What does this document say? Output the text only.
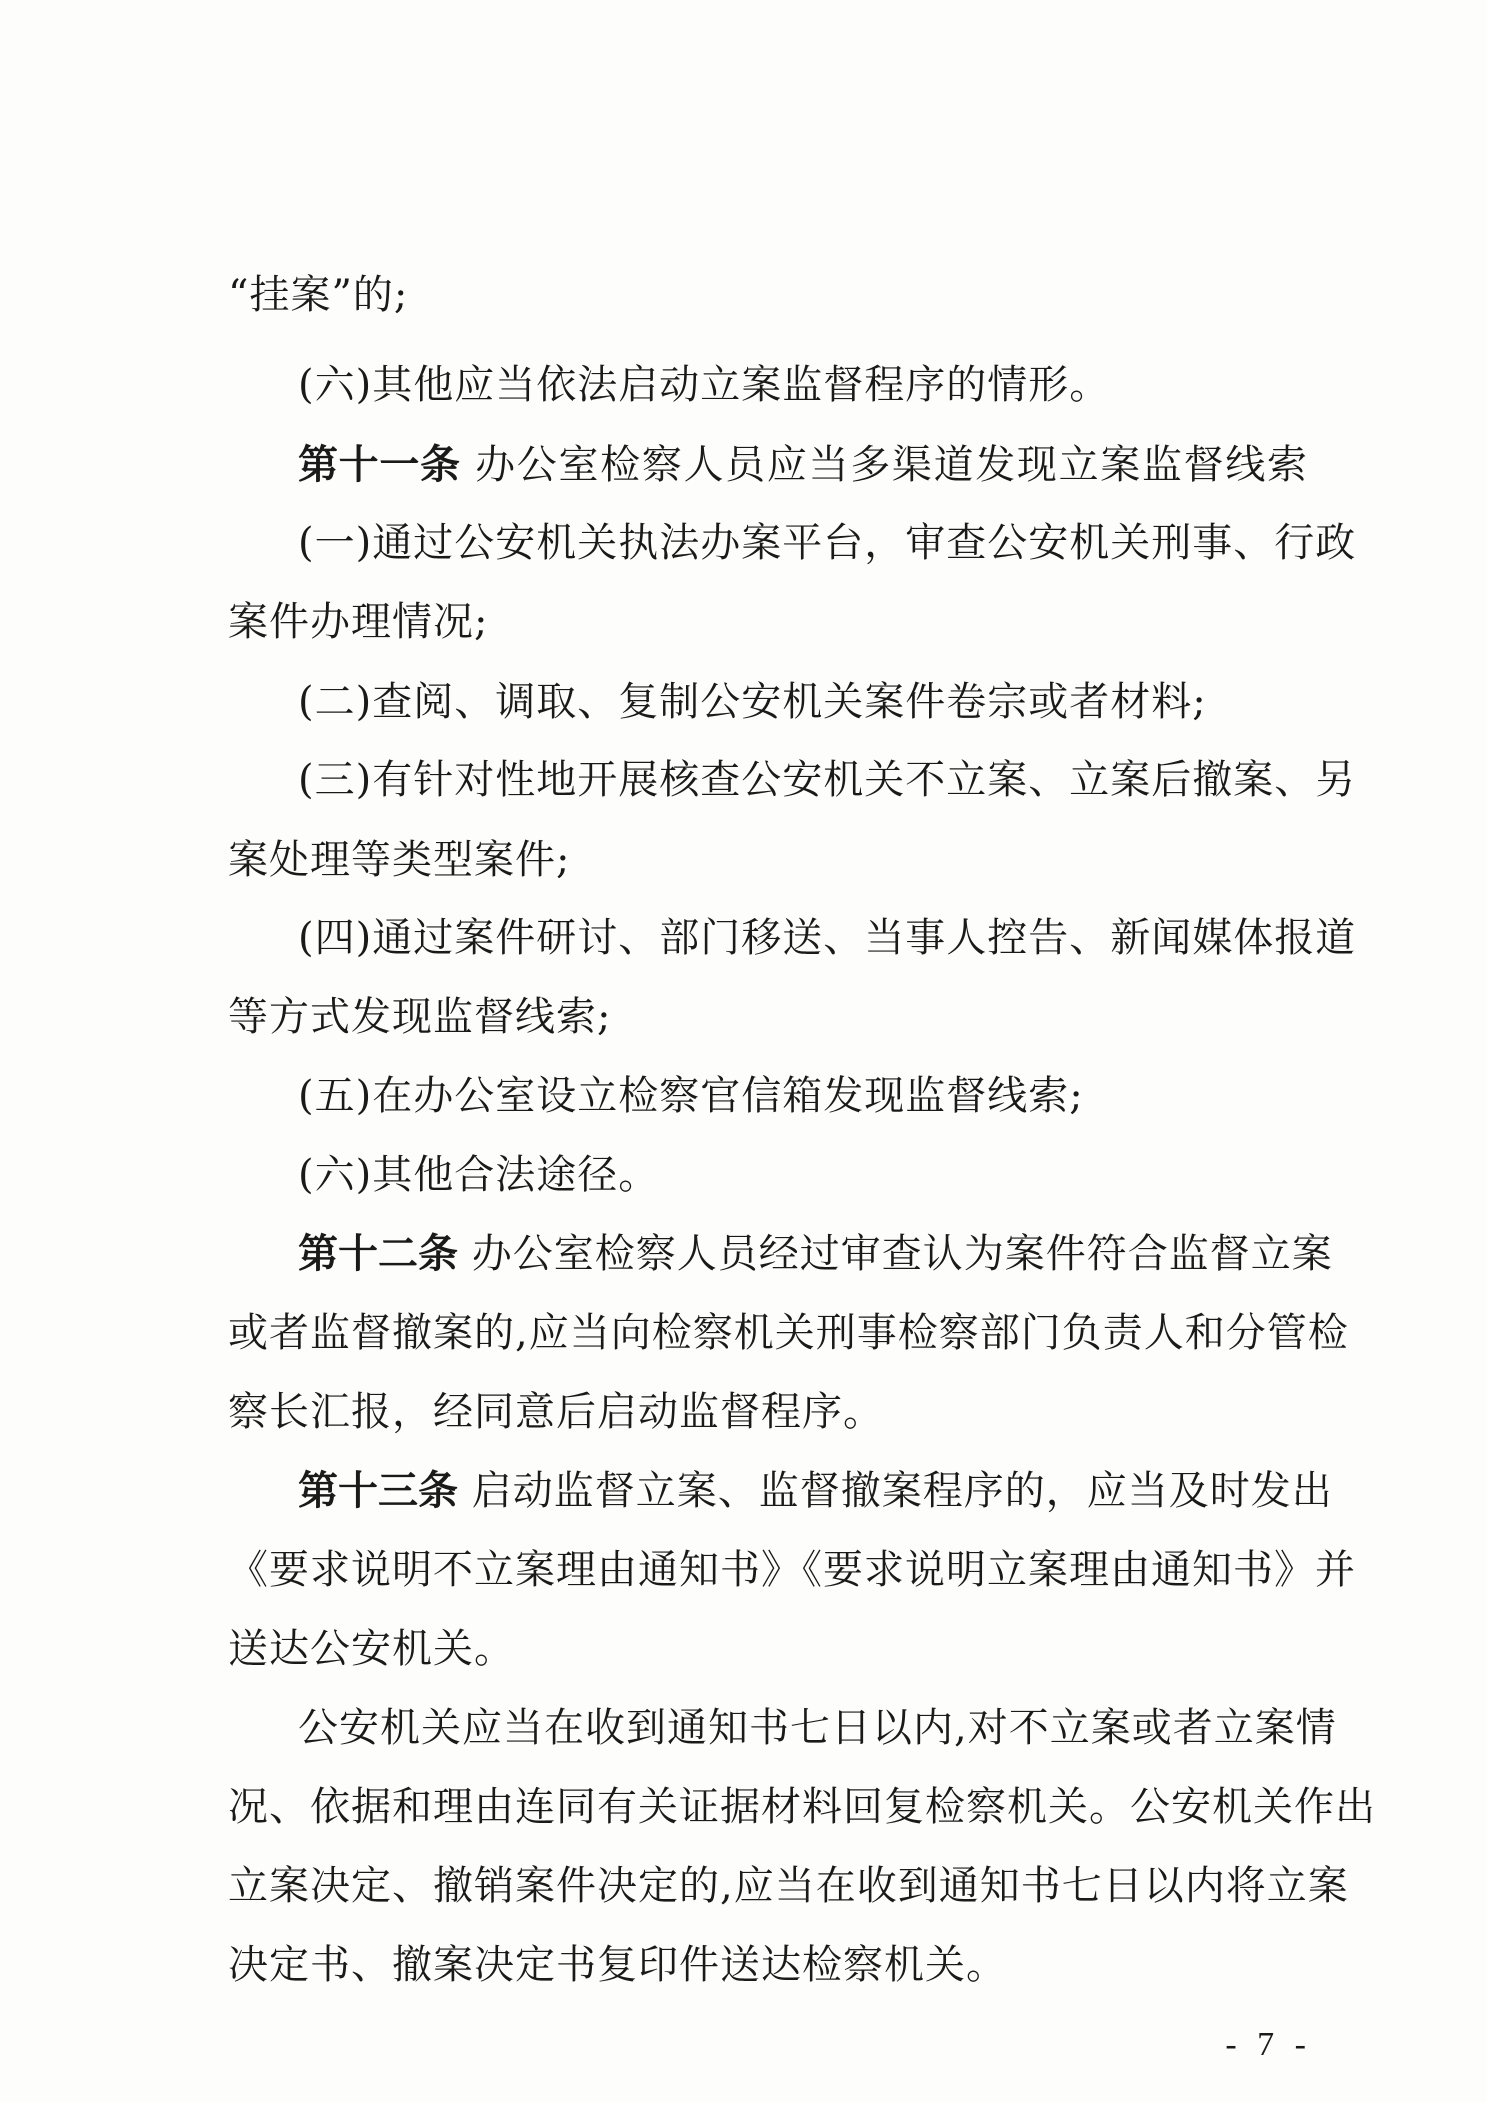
“挂案”的;
(六)其他应当依法启动立案监督程序的情形。
第十一条 办公室检察人员应当多渠道发现立案监督线索
(一)通过公安机关执法办案平台，审查公安机关刑事、行政
案件办理情况;
(二)查阅、调取、复制公安机关案件卷宗或者材料;
(三)有针对性地开展核查公安机关不立案、立案后撤案、另
案处理等类型案件;
(四)通过案件研讨、部门移送、当事人控告、新闻媒体报道
等方式发现监督线索;
(五)在办公室设立检察官信箱发现监督线索;
(六)其他合法途径。
第十二条 办公室检察人员经过审查认为案件符合监督立案
或者监督撤案的,应当向检察机关刑事检察部门负责人和分管检
察长汇报，经同意后启动监督程序。
第十三条 启动监督立案、监督撤案程序的，应当及时发出
《要求说明不立案理由通知书》《要求说明立案理由通知书》并
送达公安机关。
公安机关应当在收到通知书七日以内,对不立案或者立案情
况、依据和理由连同有关证据材料回复检察机关。公安机关作出
立案决定、撤销案件决定的,应当在收到通知书七日以内将立案
决定书、撤案决定书复印件送达检察机关。
- 7 -
